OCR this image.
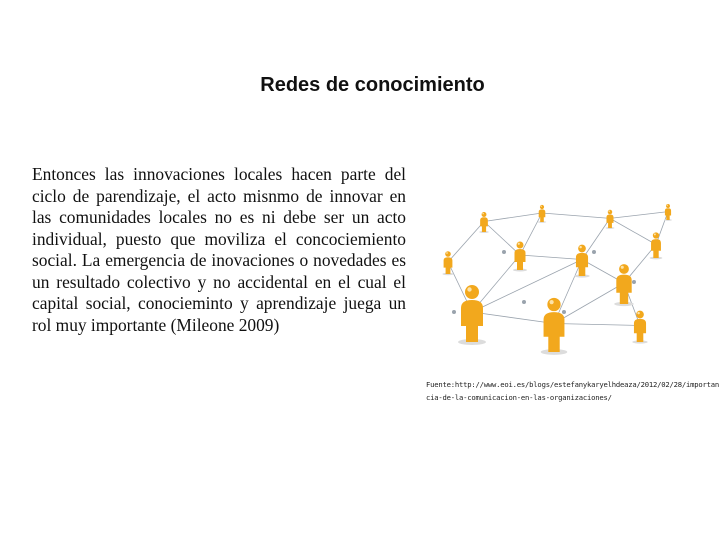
Redes de conocimiento

Entonces las innovaciones locales hacen parte del ciclo de parendizaje, el acto misnmo de innovar en las comunidades locales no es ni debe ser un acto individual, puesto que moviliza el concociemiento social. La emergencia de inovaciones o novedades es un resultado colectivo y no accidental en el cual el capital social, conocieminto y aprendizaje juega un rol muy importante (Mileone 2009)

Fuente:http://www.eoi.es/blogs/estefanykaryelhdeaza/2012/02/28/importan
cia-de-la-comunicacion-en-las-organizaciones/
